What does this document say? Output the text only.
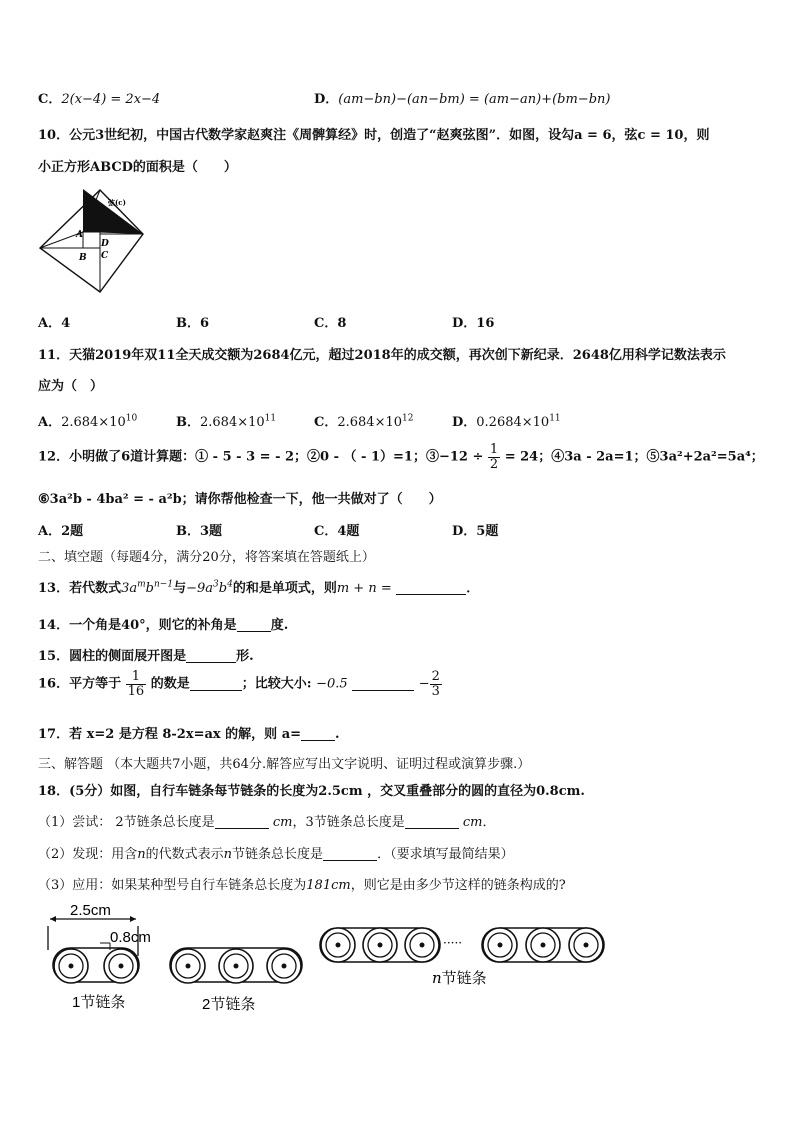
C．2(x−4) = 2x−4	D．(am−bn)−(an−bm) = (am−an)+(bm−bn)
10．公元3世纪初，中国古代数学家赵爽注《周髀算经》时，创造了“赵爽弦图”．如图，设勾a = 6，弦c = 10，则
小正方形ABCD的面积是（　　）
弦(c)
A
B
D
C
A．4	B．6	C．8	D．16
11．天猫2019年双11全天成交额为2684亿元，超过2018年的成交额，再次创下新纪录．2648亿用科学记数法表示
应为（　）
A．$2.684\times 10^{10}$	B．$2.684\times 10^{11}$	C．$2.684\times 10^{12}$	D．$0.2684\times 10^{11}$
12．小明做了6道计算题：① - 5 - 3 = - 2；②0 - （ - 1）=1；③−12 ÷ $\frac{1}{2} = 24$；④3a - 2a=1；⑤3a²+2a²=5a⁴；
⑥3a²b - 4ba² = - a²b；请你帮他检查一下，他一共做对了（　　）
A．2题	B．3题	C．4题	D．5题
二、填空题（每题4分，满分20分，将答案填在答题纸上）
13．若代数式$3a^mb^{n-1}$与$-9a^3b^4$的和是单项式，则m + n =	．
14．一个角是40°，则它的补角是	度.
15．圆柱的侧面展开图是	形.
16．平方等于 $\frac{1}{16}$ 的数是	；比较大小: −0.5	− $\frac{2}{3}$
17．若 x=2 是方程 8-2x=ax 的解，则 a=	.
三、解答题 （本大题共7小题，共64分.解答应写出文字说明、证明过程或演算步骤.）
18．(5分）如图，自行车链条每节链条的长度为2.5cm ，交叉重叠部分的圆的直径为0.8cm.
（1）尝试： 2节链条总长度是	cm，3节链条总长度是	cm．
（2）发现：用含n的代数式表示n节链条总长度是	．（要求填写最简结果）
（3）应用：如果某种型号自行车链条总长度为181cm，则它是由多少节这样的链条构成的?
2.5cm
0.8cm
1节链条	2节链条
·····
n节链条
